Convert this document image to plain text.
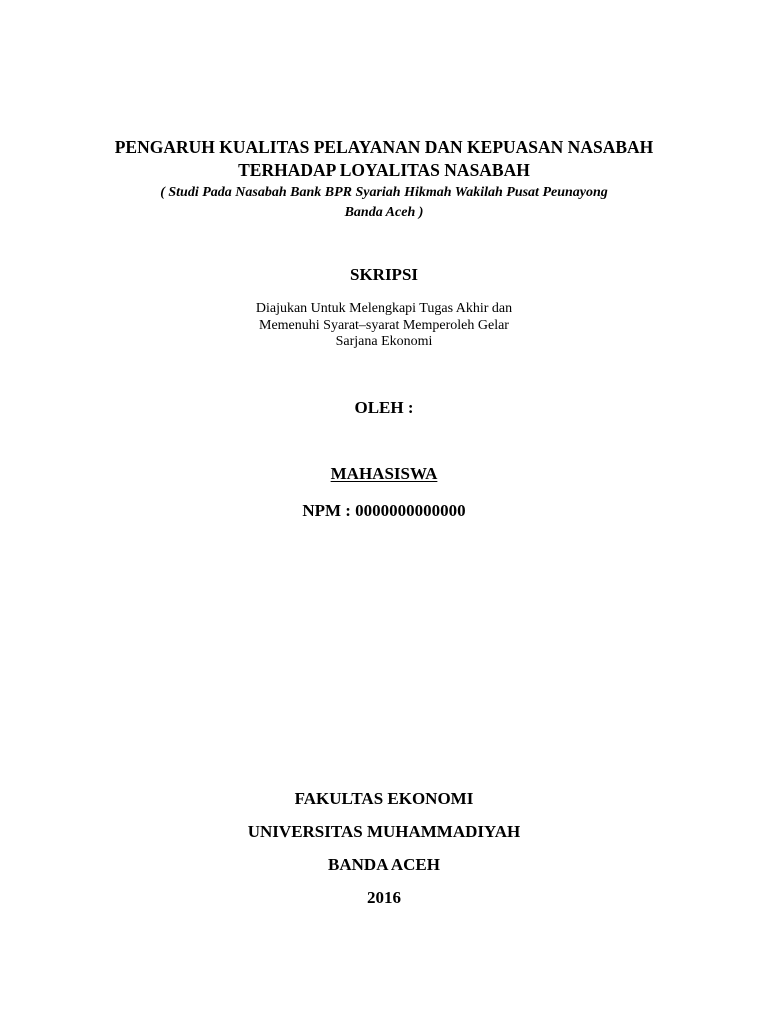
PENGARUH KUALITAS PELAYANAN DAN KEPUASAN NASABAH
TERHADAP LOYALITAS NASABAH
( Studi Pada Nasabah Bank BPR Syariah Hikmah Wakilah Pusat Peunayong
Banda Aceh )
SKRIPSI
Diajukan Untuk Melengkapi Tugas Akhir dan
Memenuhi Syarat–syarat Memperoleh Gelar
Sarjana Ekonomi
OLEH :
MAHASISWA
NPM : 0000000000000
FAKULTAS EKONOMI
UNIVERSITAS MUHAMMADIYAH
BANDA ACEH
2016
